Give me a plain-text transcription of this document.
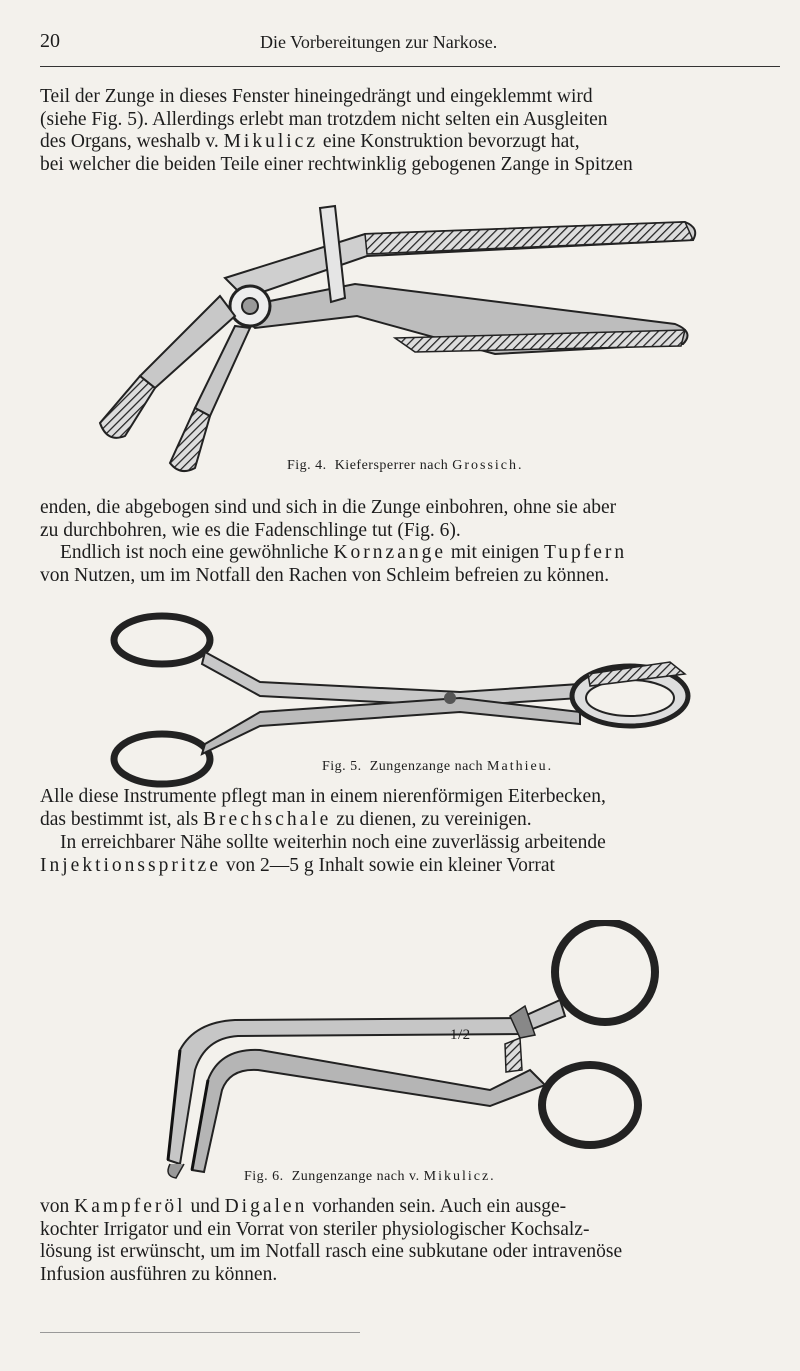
20	Die Vorbereitungen zur Narkose.

Teil der Zunge in dieses Fenster hineingedrängt und eingeklemmt wird
(siehe Fig. 5). Allerdings erlebt man trotzdem nicht selten ein Ausgleiten
des Organs, weshalb v. Mikulicz eine Konstruktion bevorzugt hat,
bei welcher die beiden Teile einer rechtwinklig gebogenen Zange in Spitzen

Fig. 4. Kiefersperrer nach Grossich.

enden, die abgebogen sind und sich in die Zunge einbohren, ohne sie aber
zu durchbohren, wie es die Fadenschlinge tut (Fig. 6).

Endlich ist noch eine gewöhnliche Kornzange mit einigen Tupfern
von Nutzen, um im Notfall den Rachen von Schleim befreien zu können.

Fig. 5. Zungenzange nach Mathieu.

Alle diese Instrumente pflegt man in einem nierenförmigen Eiterbecken,
das bestimmt ist, als Brechschale zu dienen, zu vereinigen.

In erreichbarer Nähe sollte weiterhin noch eine zuverlässig arbeitende
Injektionsspritze von 2—5 g Inhalt sowie ein kleiner Vorrat

1/2
Fig. 6. Zungenzange nach v. Mikulicz.

von Kampferöl und Digalen vorhanden sein. Auch ein ausge-
kochter Irrigator und ein Vorrat von steriler physiologischer Kochsalz-
lösung ist erwünscht, um im Notfall rasch eine subkutane oder intravenöse
Infusion ausführen zu können.
